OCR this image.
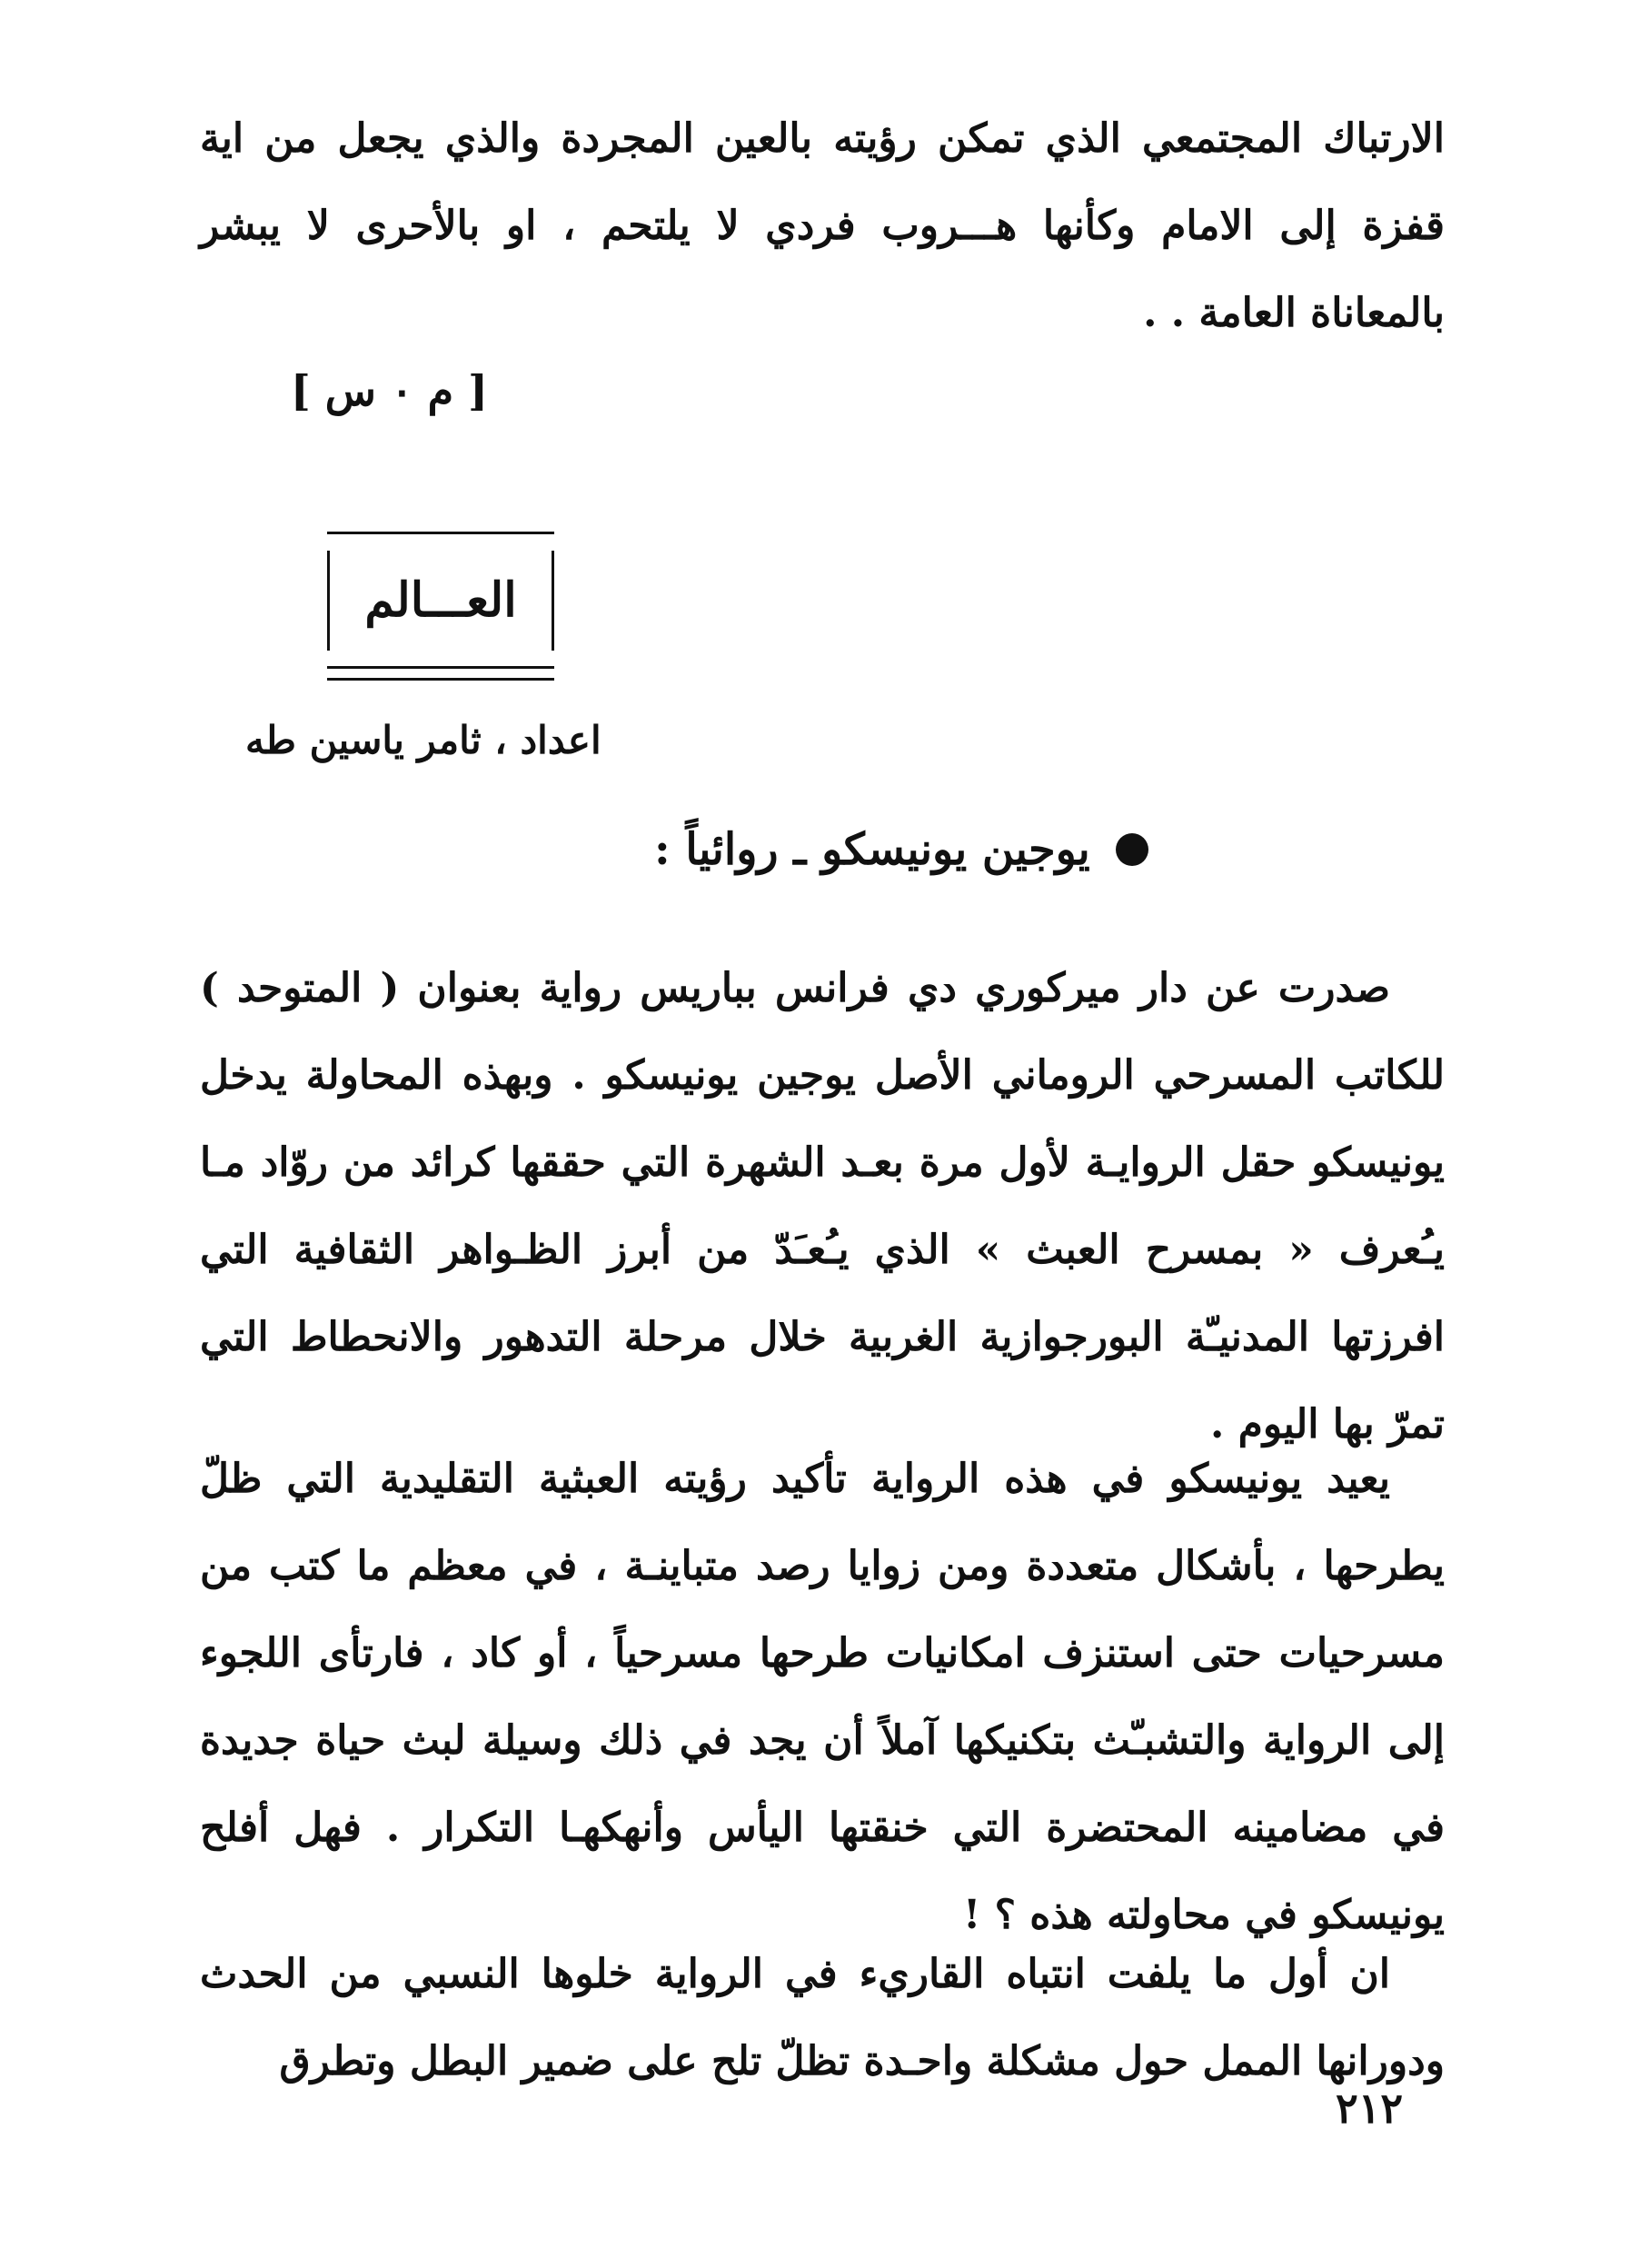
الارتباك المجتمعي الذي تمكن رؤيته بالعين المجردة والذي يجعل من اية قفزة إلى الامام وكأنها هـــروب فردي لا يلتحم ، او بالأحرى لا يبشر بالمعاناة العامة . .

[ م ٠ س ]
العـــالم
اعداد ، ثامر ياسين طه
يوجين يونيسكو ـ روائياً :

صدرت عن دار ميركوري دي فرانس بباريس رواية بعنوان ( المتوحد ) للكاتب المسرحي الروماني الأصل يوجين يونيسكو . وبهذه المحاولة يدخل يونيسكو حقل الروايـة لأول مرة بعـد الشهرة التي حققها كرائد من روّاد مـا يـُعرف « بمسرح العبث » الذي يـُعـَدّ من أبرز الظـواهر الثقافية التي افرزتها المدنيـّة البورجوازية الغربية خلال مرحلة التدهور والانحطاط التي تمرّ بها اليوم .

يعيد يونيسكو في هذه الرواية تأكيد رؤيته العبثية التقليدية التي ظلّ يطرحها ، بأشكال متعددة ومن زوايا رصد متباينـة ، في معظم ما كتب من مسرحيات حتى استنزف امكانيات طرحها مسرحياً ، أو كاد ، فارتأى اللجوء إلى الرواية والتشبـّث بتكنيكها آملاً أن يجد في ذلك وسيلة لبث حياة جديدة في مضامينه المحتضرة التي خنقتها اليأس وأنهكهـا التكرار . فهل أفلح يونيسكو في محاولته هذه ؟ !

ان أول ما يلفت انتباه القاريء في الرواية خلوها النسبي من الحدث ودورانها الممل حول مشكلة واحـدة تظلّ تلح على ضمير البطل وتطرق

٢١٢
